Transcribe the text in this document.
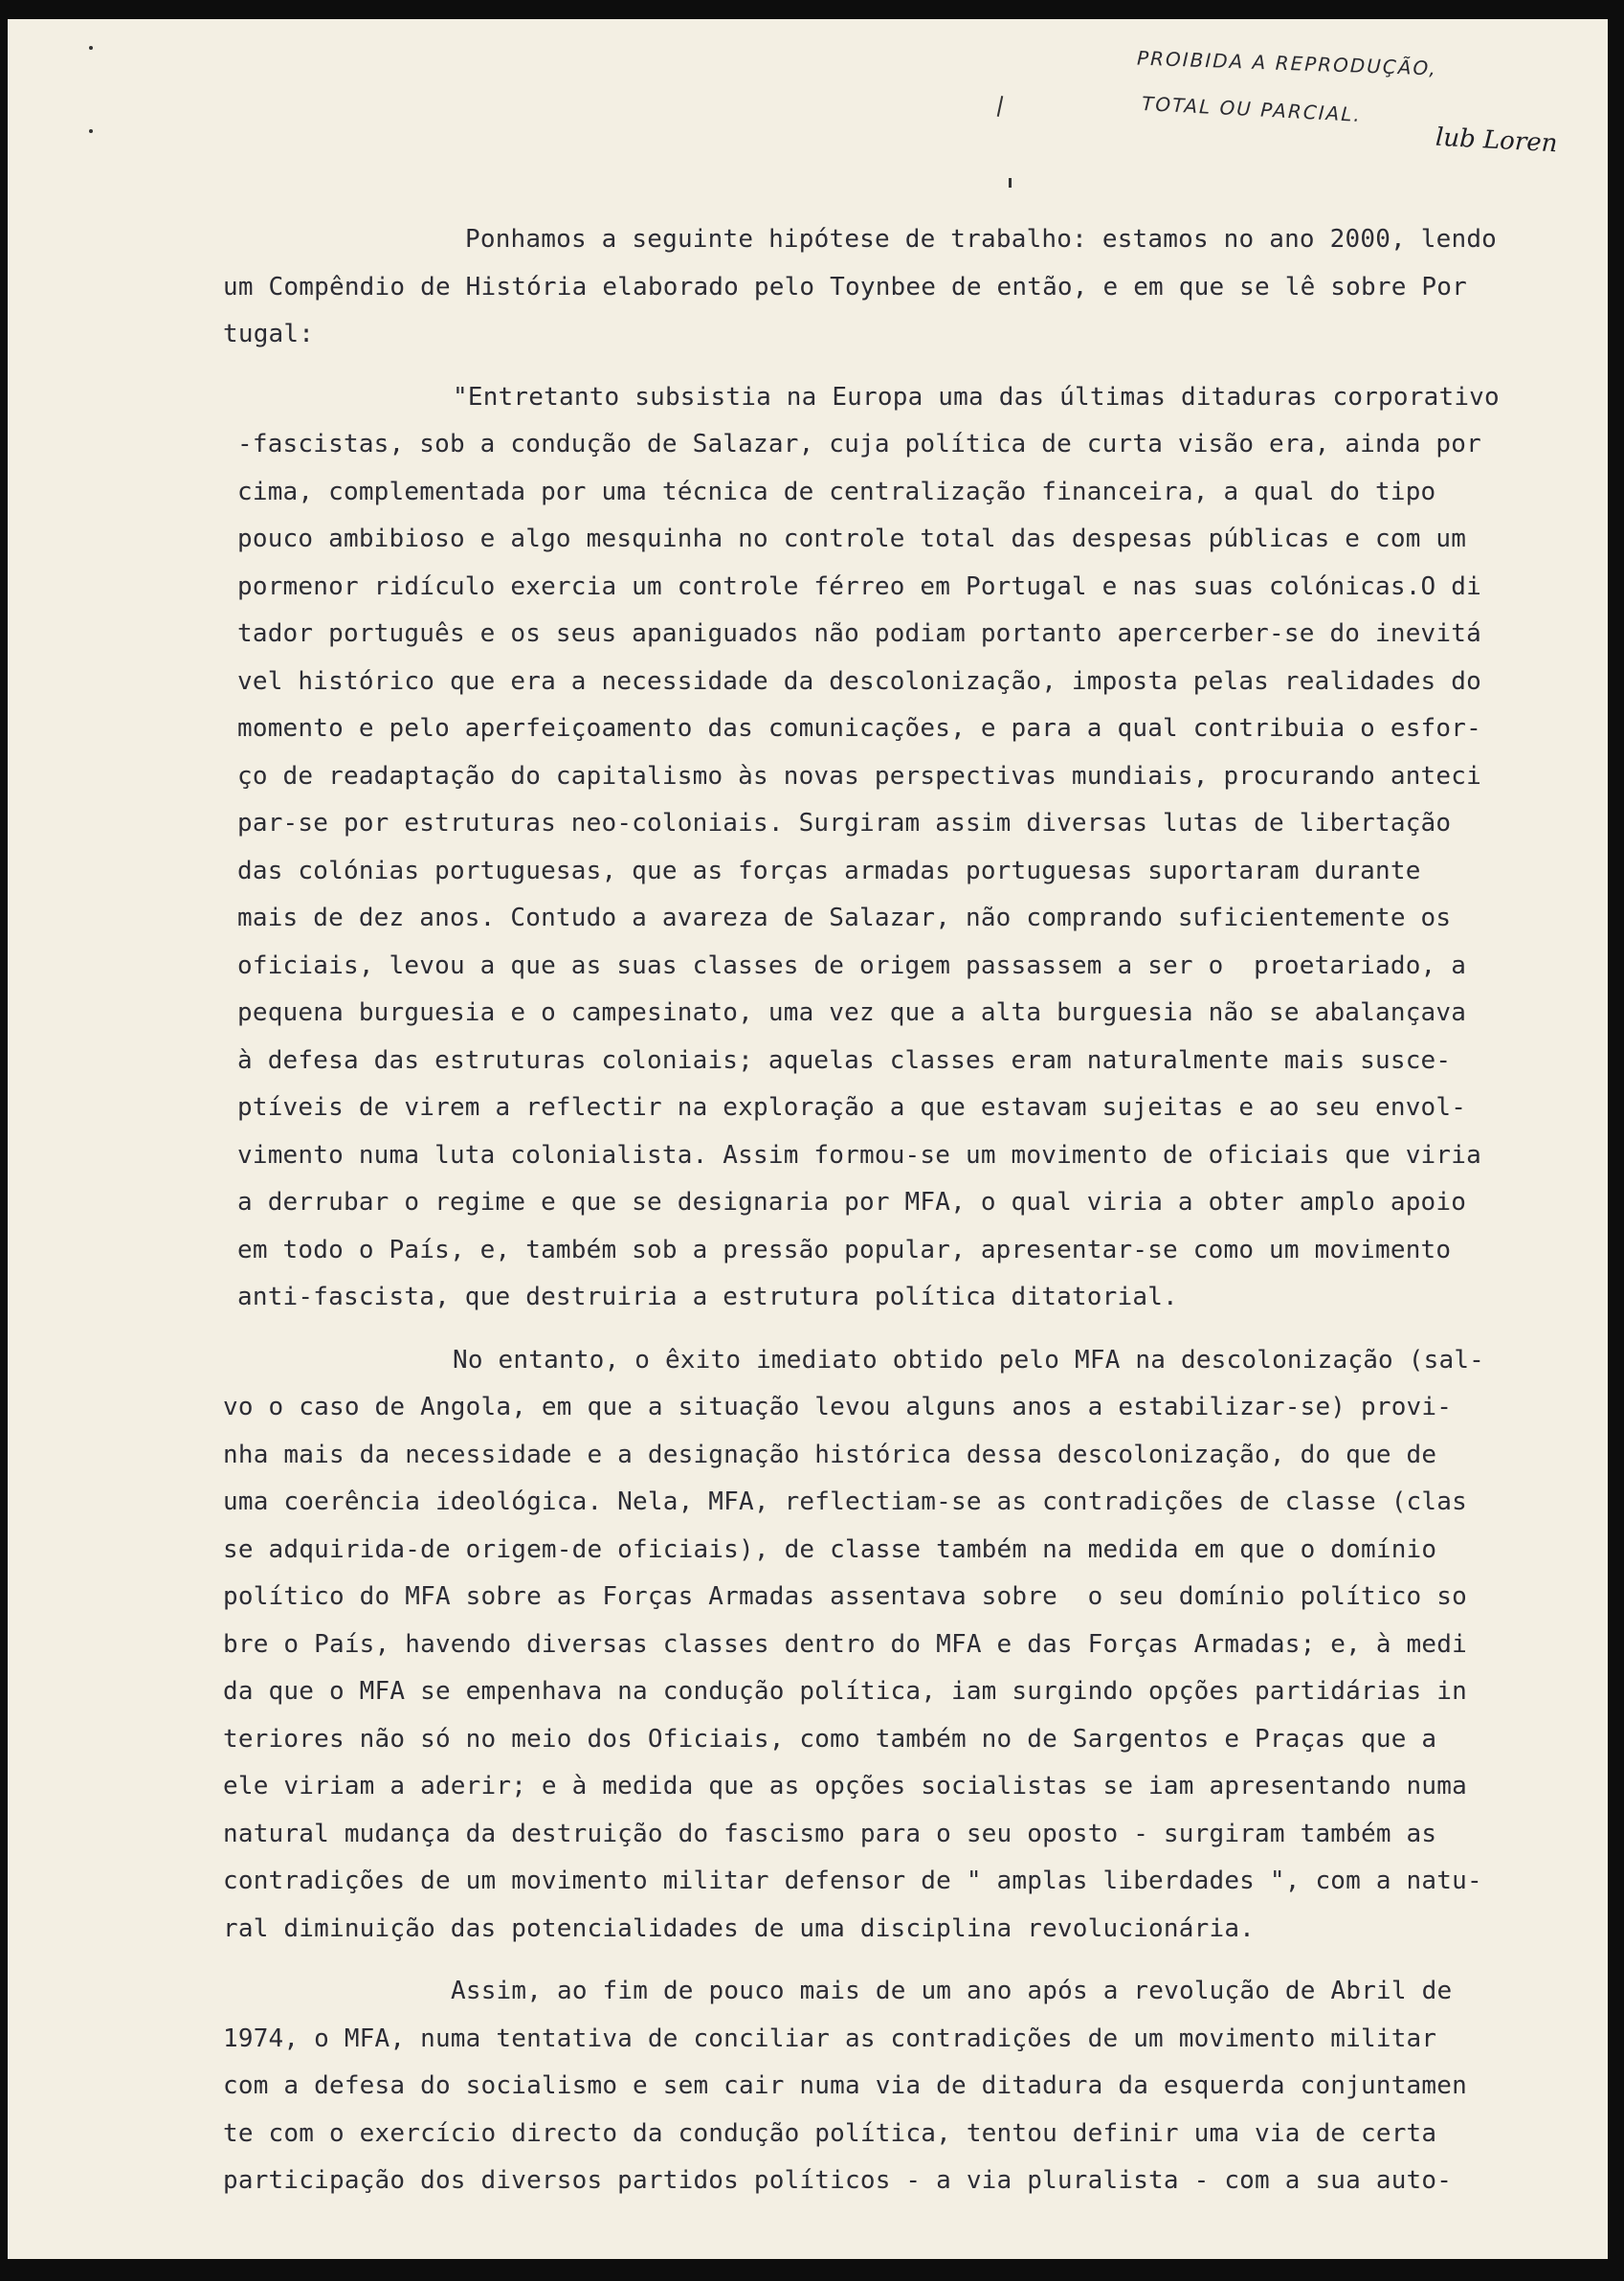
PROIBIDA A REPRODUÇÃO,
TOTAL OU PARCIAL.
lub Loren
Ponhamos a seguinte hipótese de trabalho: estamos no ano 2000, lendo
um Compêndio de História elaborado pelo Toynbee de então, e em que se lê sobre Por
tugal:
"Entretanto subsistia na Europa uma das últimas ditaduras corporativo
-fascistas, sob a condução de Salazar, cuja política de curta visão era, ainda por
cima, complementada por uma técnica de centralização financeira, a qual do tipo
pouco ambibioso e algo mesquinha no controle total das despesas públicas e com um
pormenor ridículo exercia um controle férreo em Portugal e nas suas colónicas.O di
tador português e os seus apaniguados não podiam portanto apercerber-se do inevitá
vel histórico que era a necessidade da descolonização, imposta pelas realidades do
momento e pelo aperfeiçoamento das comunicações, e para a qual contribuia o esfor-
ço de readaptação do capitalismo às novas perspectivas mundiais, procurando anteci
par-se por estruturas neo-coloniais. Surgiram assim diversas lutas de libertação
das colónias portuguesas, que as forças armadas portuguesas suportaram durante
mais de dez anos. Contudo a avareza de Salazar, não comprando suficientemente os
oficiais, levou a que as suas classes de origem passassem a ser o  proetariado, a
pequena burguesia e o campesinato, uma vez que a alta burguesia não se abalançava
à defesa das estruturas coloniais; aquelas classes eram naturalmente mais susce-
ptíveis de virem a reflectir na exploração a que estavam sujeitas e ao seu envol-
vimento numa luta colonialista. Assim formou-se um movimento de oficiais que viria
a derrubar o regime e que se designaria por MFA, o qual viria a obter amplo apoio
em todo o País, e, também sob a pressão popular, apresentar-se como um movimento
anti-fascista, que destruiria a estrutura política ditatorial.
No entanto, o êxito imediato obtido pelo MFA na descolonização (sal-
vo o caso de Angola, em que a situação levou alguns anos a estabilizar-se) provi-
nha mais da necessidade e a designação histórica dessa descolonização, do que de
uma coerência ideológica. Nela, MFA, reflectiam-se as contradições de classe (clas
se adquirida-de origem-de oficiais), de classe também na medida em que o domínio
político do MFA sobre as Forças Armadas assentava sobre  o seu domínio político so
bre o País, havendo diversas classes dentro do MFA e das Forças Armadas; e, à medi
da que o MFA se empenhava na condução política, iam surgindo opções partidárias in
teriores não só no meio dos Oficiais, como também no de Sargentos e Praças que a
ele viriam a aderir; e à medida que as opções socialistas se iam apresentando numa
natural mudança da destruição do fascismo para o seu oposto - surgiram também as
contradições de um movimento militar defensor de " amplas liberdades ", com a natu-
ral diminuição das potencialidades de uma disciplina revolucionária.
Assim, ao fim de pouco mais de um ano após a revolução de Abril de
1974, o MFA, numa tentativa de conciliar as contradições de um movimento militar
com a defesa do socialismo e sem cair numa via de ditadura da esquerda conjuntamen
te com o exercício directo da condução política, tentou definir uma via de certa
participação dos diversos partidos políticos - a via pluralista - com a sua auto-
